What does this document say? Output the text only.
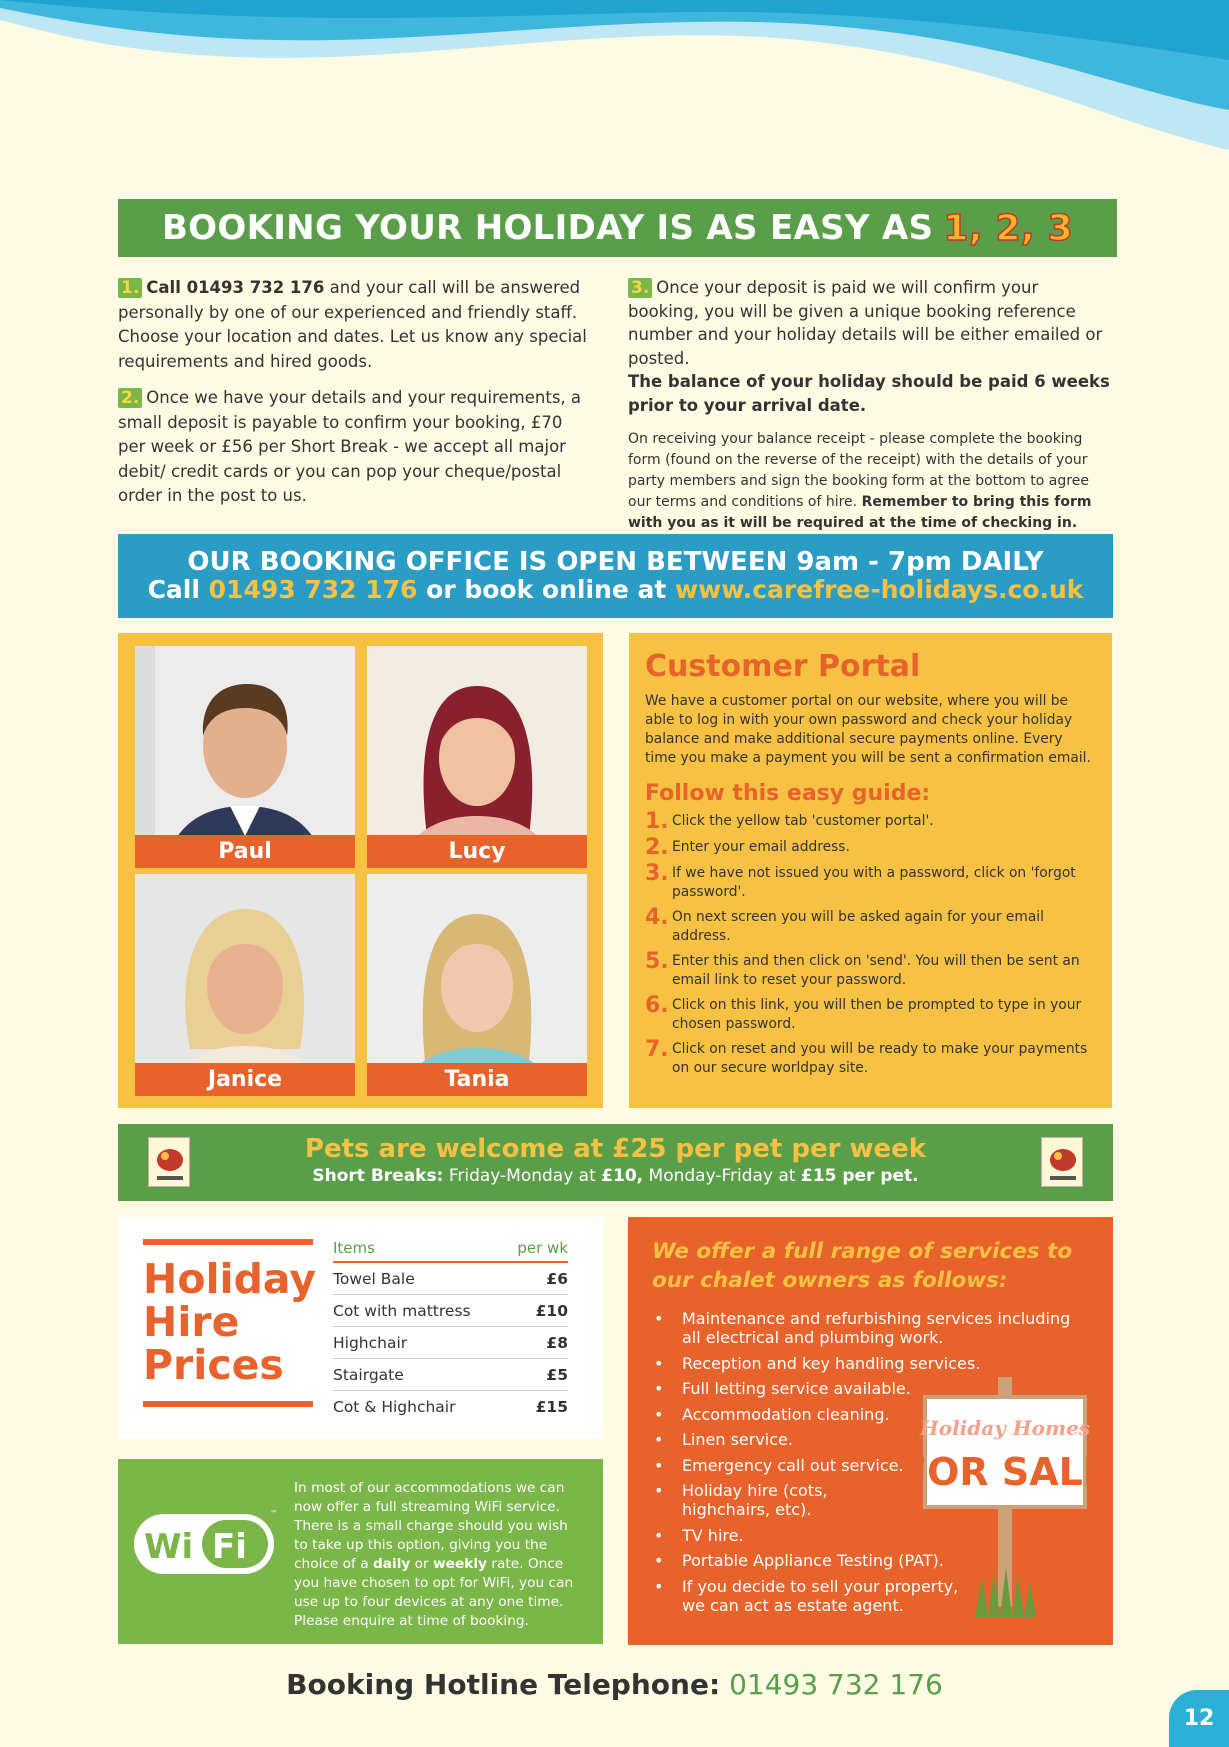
BOOKING YOUR HOLIDAY IS AS EASY AS 1, 2, 3

1. Call 01493 732 176 and your call will be answered personally by one of our experienced and friendly staff. Choose your location and dates. Let us know any special requirements and hired goods.

2. Once we have your details and your requirements, a small deposit is payable to confirm your booking, £70 per week or £56 per Short Break - we accept all major debit/ credit cards or you can pop your cheque/postal order in the post to us.

3. Once your deposit is paid we will confirm your booking, you will be given a unique booking reference number and your holiday details will be either emailed or posted.
The balance of your holiday should be paid 6 weeks prior to your arrival date.

On receiving your balance receipt - please complete the booking form (found on the reverse of the receipt) with the details of your party members and sign the booking form at the bottom to agree our terms and conditions of hire. Remember to bring this form with you as it will be required at the time of checking in.

OUR BOOKING OFFICE IS OPEN BETWEEN 9am - 7pm DAILY
Call 01493 732 176 or book online at www.carefree-holidays.co.uk
Paul	Lucy
Janice	Tania
Customer Portal
We have a customer portal on our website, where you will be able to log in with your own password and check your holiday balance and make additional secure payments online. Every time you make a payment you will be sent a confirmation email.
Follow this easy guide:
1. Click the yellow tab 'customer portal'.
2. Enter your email address.
3. If we have not issued you with a password, click on 'forgot password'.
4. On next screen you will be asked again for your email address.
5. Enter this and then click on 'send'. You will then be sent an email link to reset your password.
6. Click on this link, you will then be prompted to type in your chosen password.
7. Click on reset and you will be ready to make your payments on our secure worldpay site.
Pets are welcome at £25 per pet per week
Short Breaks: Friday-Monday at £10, Monday-Friday at £15 per pet.
Holiday
Hire
Prices
Items	per wk
Towel Bale	£6
Cot with mattress	£10
Highchair	£8
Stairgate	£5
Cot & Highchair	£15
Wi Fi
™
In most of our accommodations we can now offer a full streaming WiFi service. There is a small charge should you wish to take up this option, giving you the choice of a daily or weekly rate. Once you have chosen to opt for WiFi, you can use up to four devices at any one time. Please enquire at time of booking.
We offer a full range of services to our chalet owners as follows:
•	Maintenance and refurbishing services including all electrical and plumbing work.
•	Reception and key handling services.
•	Full letting service available.
•	Accommodation cleaning.
•	Linen service.
•	Emergency call out service.
•	Holiday hire (cots, highchairs, etc).
•	TV hire.
•	Portable Appliance Testing (PAT).
•	If you decide to sell your property, we can act as estate agent.
Holiday Homes
FOR SALE
Booking Hotline Telephone: 01493 732 176
12
